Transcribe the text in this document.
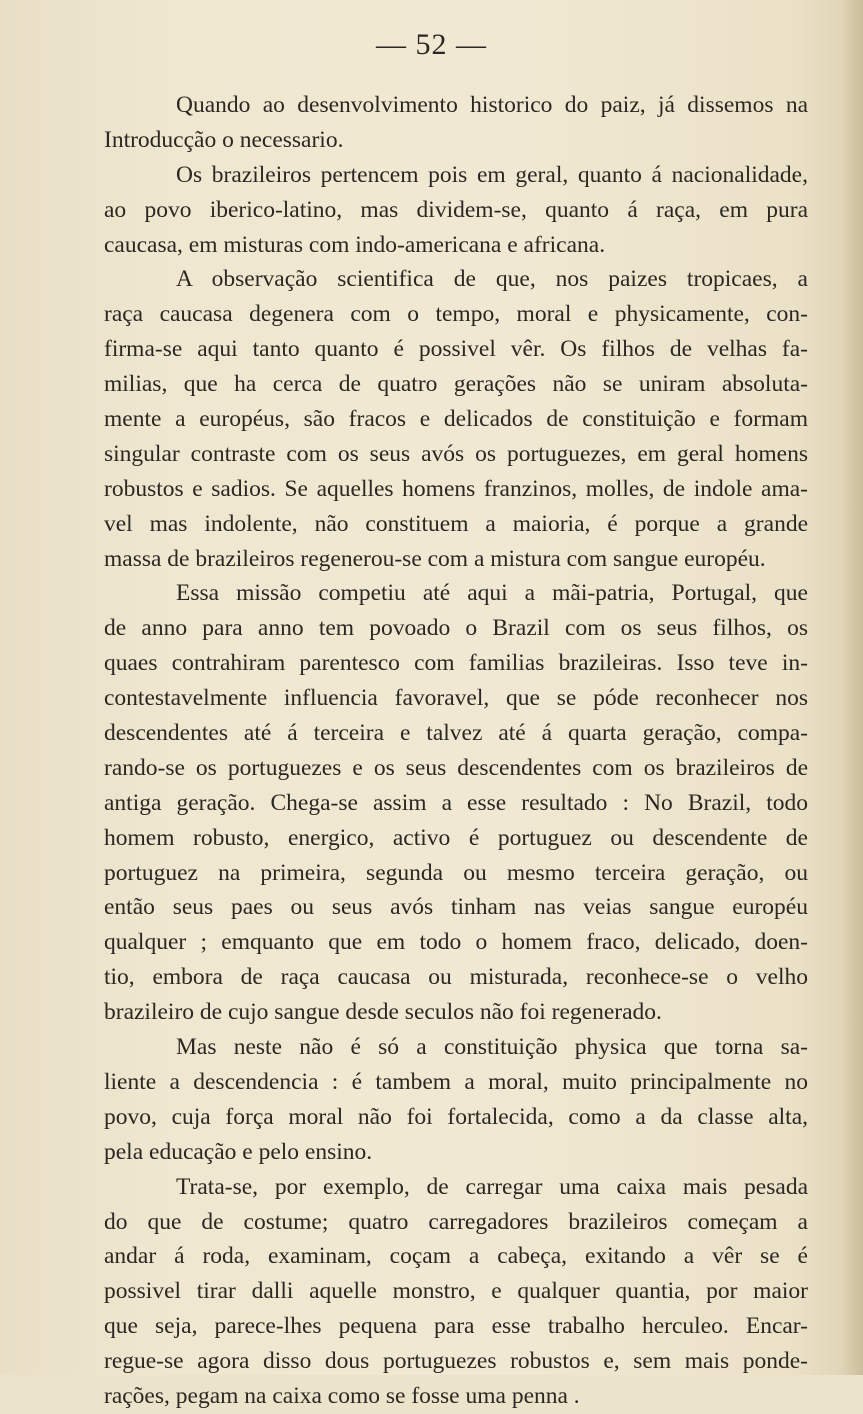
— 52 —
Quando ao desenvolvimento historico do paiz, já dissemos na
Introducção o necessario.
Os brazileiros pertencem pois em geral, quanto á nacionalidade,
ao povo iberico-latino, mas dividem-se, quanto á raça, em pura
caucasa, em misturas com indo-americana e africana.
A observação scientifica de que, nos paizes tropicaes, a
raça caucasa degenera com o tempo, moral e physicamente, con-
firma-se aqui tanto quanto é possivel vêr. Os filhos de velhas fa-
milias, que ha cerca de quatro gerações não se uniram absoluta-
mente a européus, são fracos e delicados de constituição e formam
singular contraste com os seus avós os portuguezes, em geral homens
robustos e sadios. Se aquelles homens franzinos, molles, de indole ama-
vel mas indolente, não constituem a maioria, é porque a grande
massa de brazileiros regenerou-se com a mistura com sangue européu.
Essa missão competiu até aqui a mãi-patria, Portugal, que
de anno para anno tem povoado o Brazil com os seus filhos, os
quaes contrahiram parentesco com familias brazileiras. Isso teve in-
contestavelmente influencia favoravel, que se póde reconhecer nos
descendentes até á terceira e talvez até á quarta geração, compa-
rando-se os portuguezes e os seus descendentes com os brazileiros de
antiga geração. Chega-se assim a esse resultado : No Brazil, todo
homem robusto, energico, activo é portuguez ou descendente de
portuguez na primeira, segunda ou mesmo terceira geração, ou
então seus paes ou seus avós tinham nas veias sangue européu
qualquer ; emquanto que em todo o homem fraco, delicado, doen-
tio, embora de raça caucasa ou misturada, reconhece-se o velho
brazileiro de cujo sangue desde seculos não foi regenerado.
Mas neste não é só a constituição physica que torna sa-
liente a descendencia : é tambem a moral, muito principalmente no
povo, cuja força moral não foi fortalecida, como a da classe alta,
pela educação e pelo ensino.
Trata-se, por exemplo, de carregar uma caixa mais pesada
do que de costume; quatro carregadores brazileiros começam a
andar á roda, examinam, coçam a cabeça, exitando a vêr se é
possivel tirar dalli aquelle monstro, e qualquer quantia, por maior
que seja, parece-lhes pequena para esse trabalho herculeo. Encar-
regue-se agora disso dous portuguezes robustos e, sem mais ponde-
rações, pegam na caixa como se fosse uma penna .
